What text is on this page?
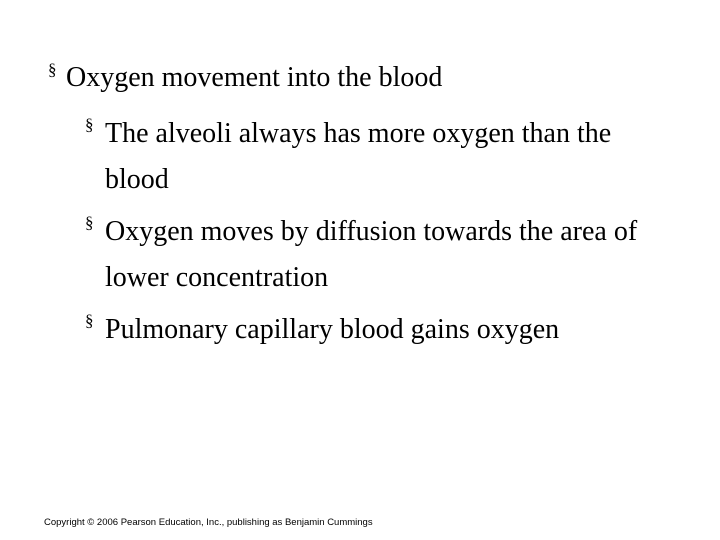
§ Oxygen movement into the blood
§ The alveoli always has more oxygen than the blood
§ Oxygen moves by diffusion towards the area of lower concentration
§ Pulmonary capillary blood gains oxygen
Copyright © 2006 Pearson Education, Inc., publishing as Benjamin Cummings
